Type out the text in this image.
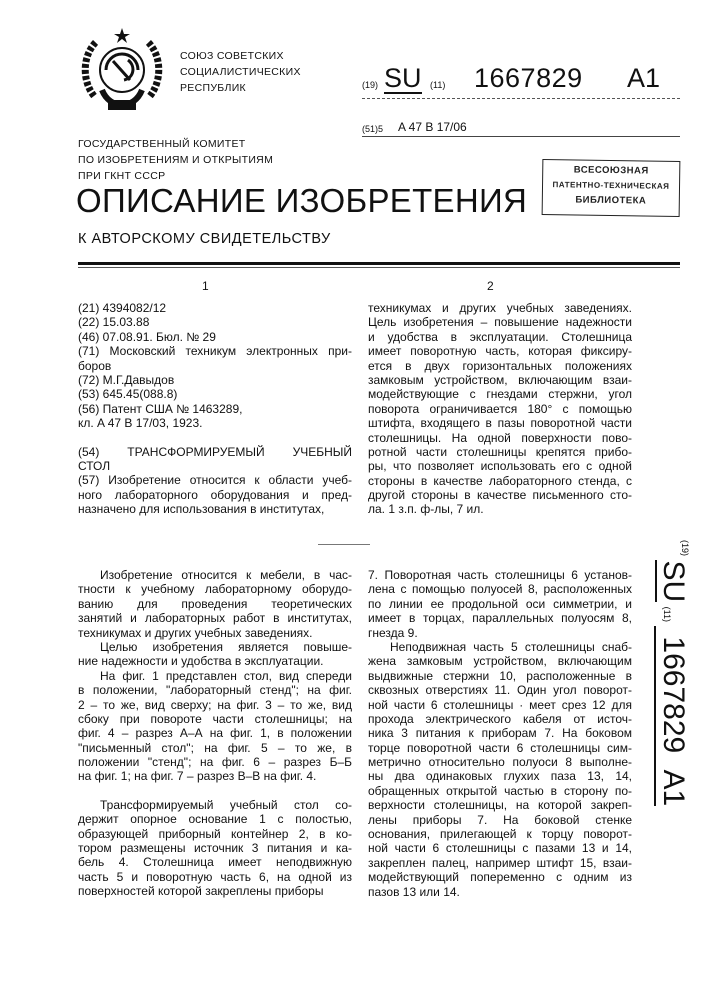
СОЮЗ СОВЕТСКИХ
СОЦИАЛИСТИЧЕСКИХ
РЕСПУБЛИК	(19) SU (11) 1667829 A1
(51)5 A 47 B 17/06
ГОСУДАРСТВЕННЫЙ КОМИТЕТ
ПО ИЗОБРЕТЕНИЯМ И ОТКРЫТИЯМ
ПРИ ГКНТ СССР	ВСЕСОЮЗНАЯ
ПАТЕНТНО-ТЕХНИЧЕСКАЯ
БИБЛИОТЕКА
ОПИСАНИЕ ИЗОБРЕТЕНИЯ
К АВТОРСКОМУ СВИДЕТЕЛЬСТВУ
1	2
(21) 4394082/12
(22) 15.03.88
(46) 07.08.91. Бюл. № 29
(71) Московский техникум электронных при-
боров
(72) М.Г.Давыдов
(53) 645.45(088.8)
(56) Патент США № 1463289,
кл. A 47 B 17/03, 1923.
(54) ТРАНСФОРМИРУЕМЫЙ УЧЕБНЫЙ
СТОЛ
(57) Изобретение относится к области учеб-
ного лабораторного оборудования и пред-
назначено для использования в институтах,
техникумах и других учебных заведениях.
Цель изобретения – повышение надежности
и удобства в эксплуатации. Столешница
имеет поворотную часть, которая фиксиру-
ется в двух горизонтальных положениях
замковым устройством, включающим взаи-
модействующие с гнездами стержни, угол
поворота ограничивается 180° с помощью
штифта, входящего в пазы поворотной части
столешницы. На одной поверхности пово-
ротной части столешницы крепятся прибо-
ры, что позволяет использовать его с одной
стороны в качестве лабораторного стенда, с
другой стороны в качестве письменного сто-
ла. 1 з.п. ф-лы, 7 ил.
Изобретение относится к мебели, в час-
тности к учебному лабораторному оборудо-
ванию для проведения теоретических
занятий и лабораторных работ в институтах,
техникумах и других учебных заведениях.
Целью изобретения является повыше-
ние надежности и удобства в эксплуатации.
На фиг. 1 представлен стол, вид спереди
в положении, "лабораторный стенд"; на фиг.
2 – то же, вид сверху; на фиг. 3 – то же, вид
сбоку при повороте части столешницы; на
фиг. 4 – разрез А–А на фиг. 1, в положении
"письменный стол"; на фиг. 5 – то же, в
положении "стенд"; на фиг. 6 – разрез Б–Б
на фиг. 1; на фиг. 7 – разрез В–В на фиг. 4.
Трансформируемый учебный стол со-
держит опорное основание 1 с полостью,
образующей приборный контейнер 2, в ко-
тором размещены источник 3 питания и ка-
бель 4. Столешница имеет неподвижную
часть 5 и поворотную часть 6, на одной из
поверхностей которой закреплены приборы
7. Поворотная часть столешницы 6 установ-
лена с помощью полуосей 8, расположенных
по линии ее продольной оси симметрии, и
имеет в торцах, параллельных полуосям 8,
гнезда 9.
Неподвижная часть 5 столешницы снаб-
жена замковым устройством, включающим
выдвижные стержни 10, расположенные в
сквозных отверстиях 11. Один угол поворот-
ной части 6 столешницы · меет срез 12 для
прохода электрического кабеля от источ-
ника 3 питания к приборам 7. На боковом
торце поворотной части 6 столешницы сим-
метрично относительно полуоси 8 выполне-
ны два одинаковых глухих паза 13, 14,
обращенных открытой частью в сторону по-
верхности столешницы, на которой закреп-
лены приборы 7. На боковой стенке
основания, прилегающей к торцу поворот-
ной части 6 столешницы с пазами 13 и 14,
закреплен палец, например штифт 15, взаи-
модействующий попеременно с одним из
пазов 13 или 14.
(19) SU (11) 1667829 A1
